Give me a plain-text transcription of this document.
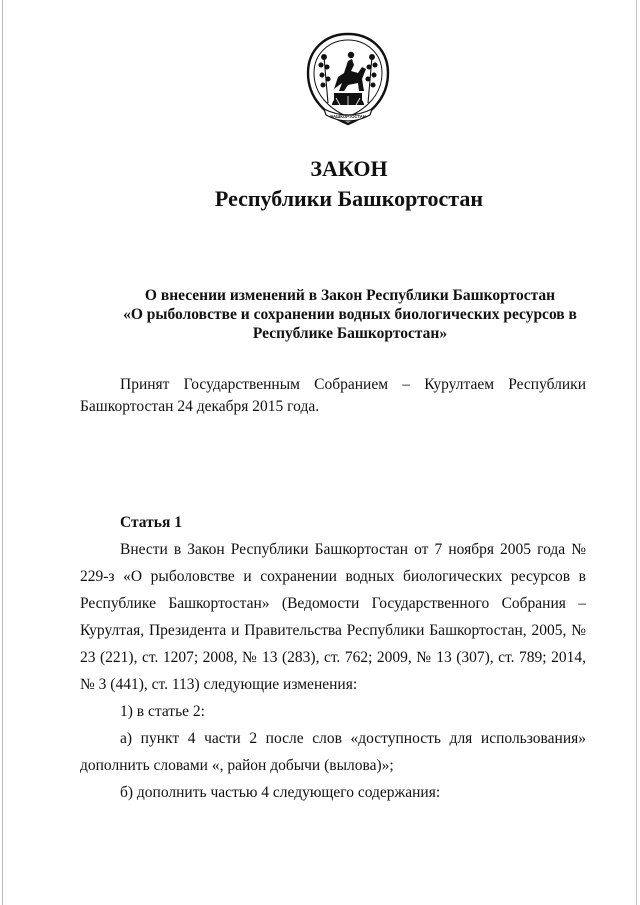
БАШКОРТОСТАН
ЗАКОН
Республики Башкортостан
О внесении изменений в Закон Республики Башкортостан
«О рыболовстве и сохранении водных биологических ресурсов в
Республике Башкортостан»

Принят Государственным Собранием – Курултаем Республики Башкортостан 24 декабря 2015 года.

Статья 1

Внести в Закон Республики Башкортостан от 7 ноября 2005 года № 229-з «О рыболовстве и сохранении водных биологических ресурсов в Республике Башкортостан» (Ведомости Государственного Собрания – Курултая, Президента и Правительства Республики Башкортостан, 2005, № 23 (221), ст. 1207; 2008, № 13 (283), ст. 762; 2009, № 13 (307), ст. 789; 2014, № 3 (441), ст. 113) следующие изменения:

1) в статье 2:

а) пункт 4 части 2 после слов «доступность для использования» дополнить словами «, район добычи (вылова)»;

б) дополнить частью 4 следующего содержания:
